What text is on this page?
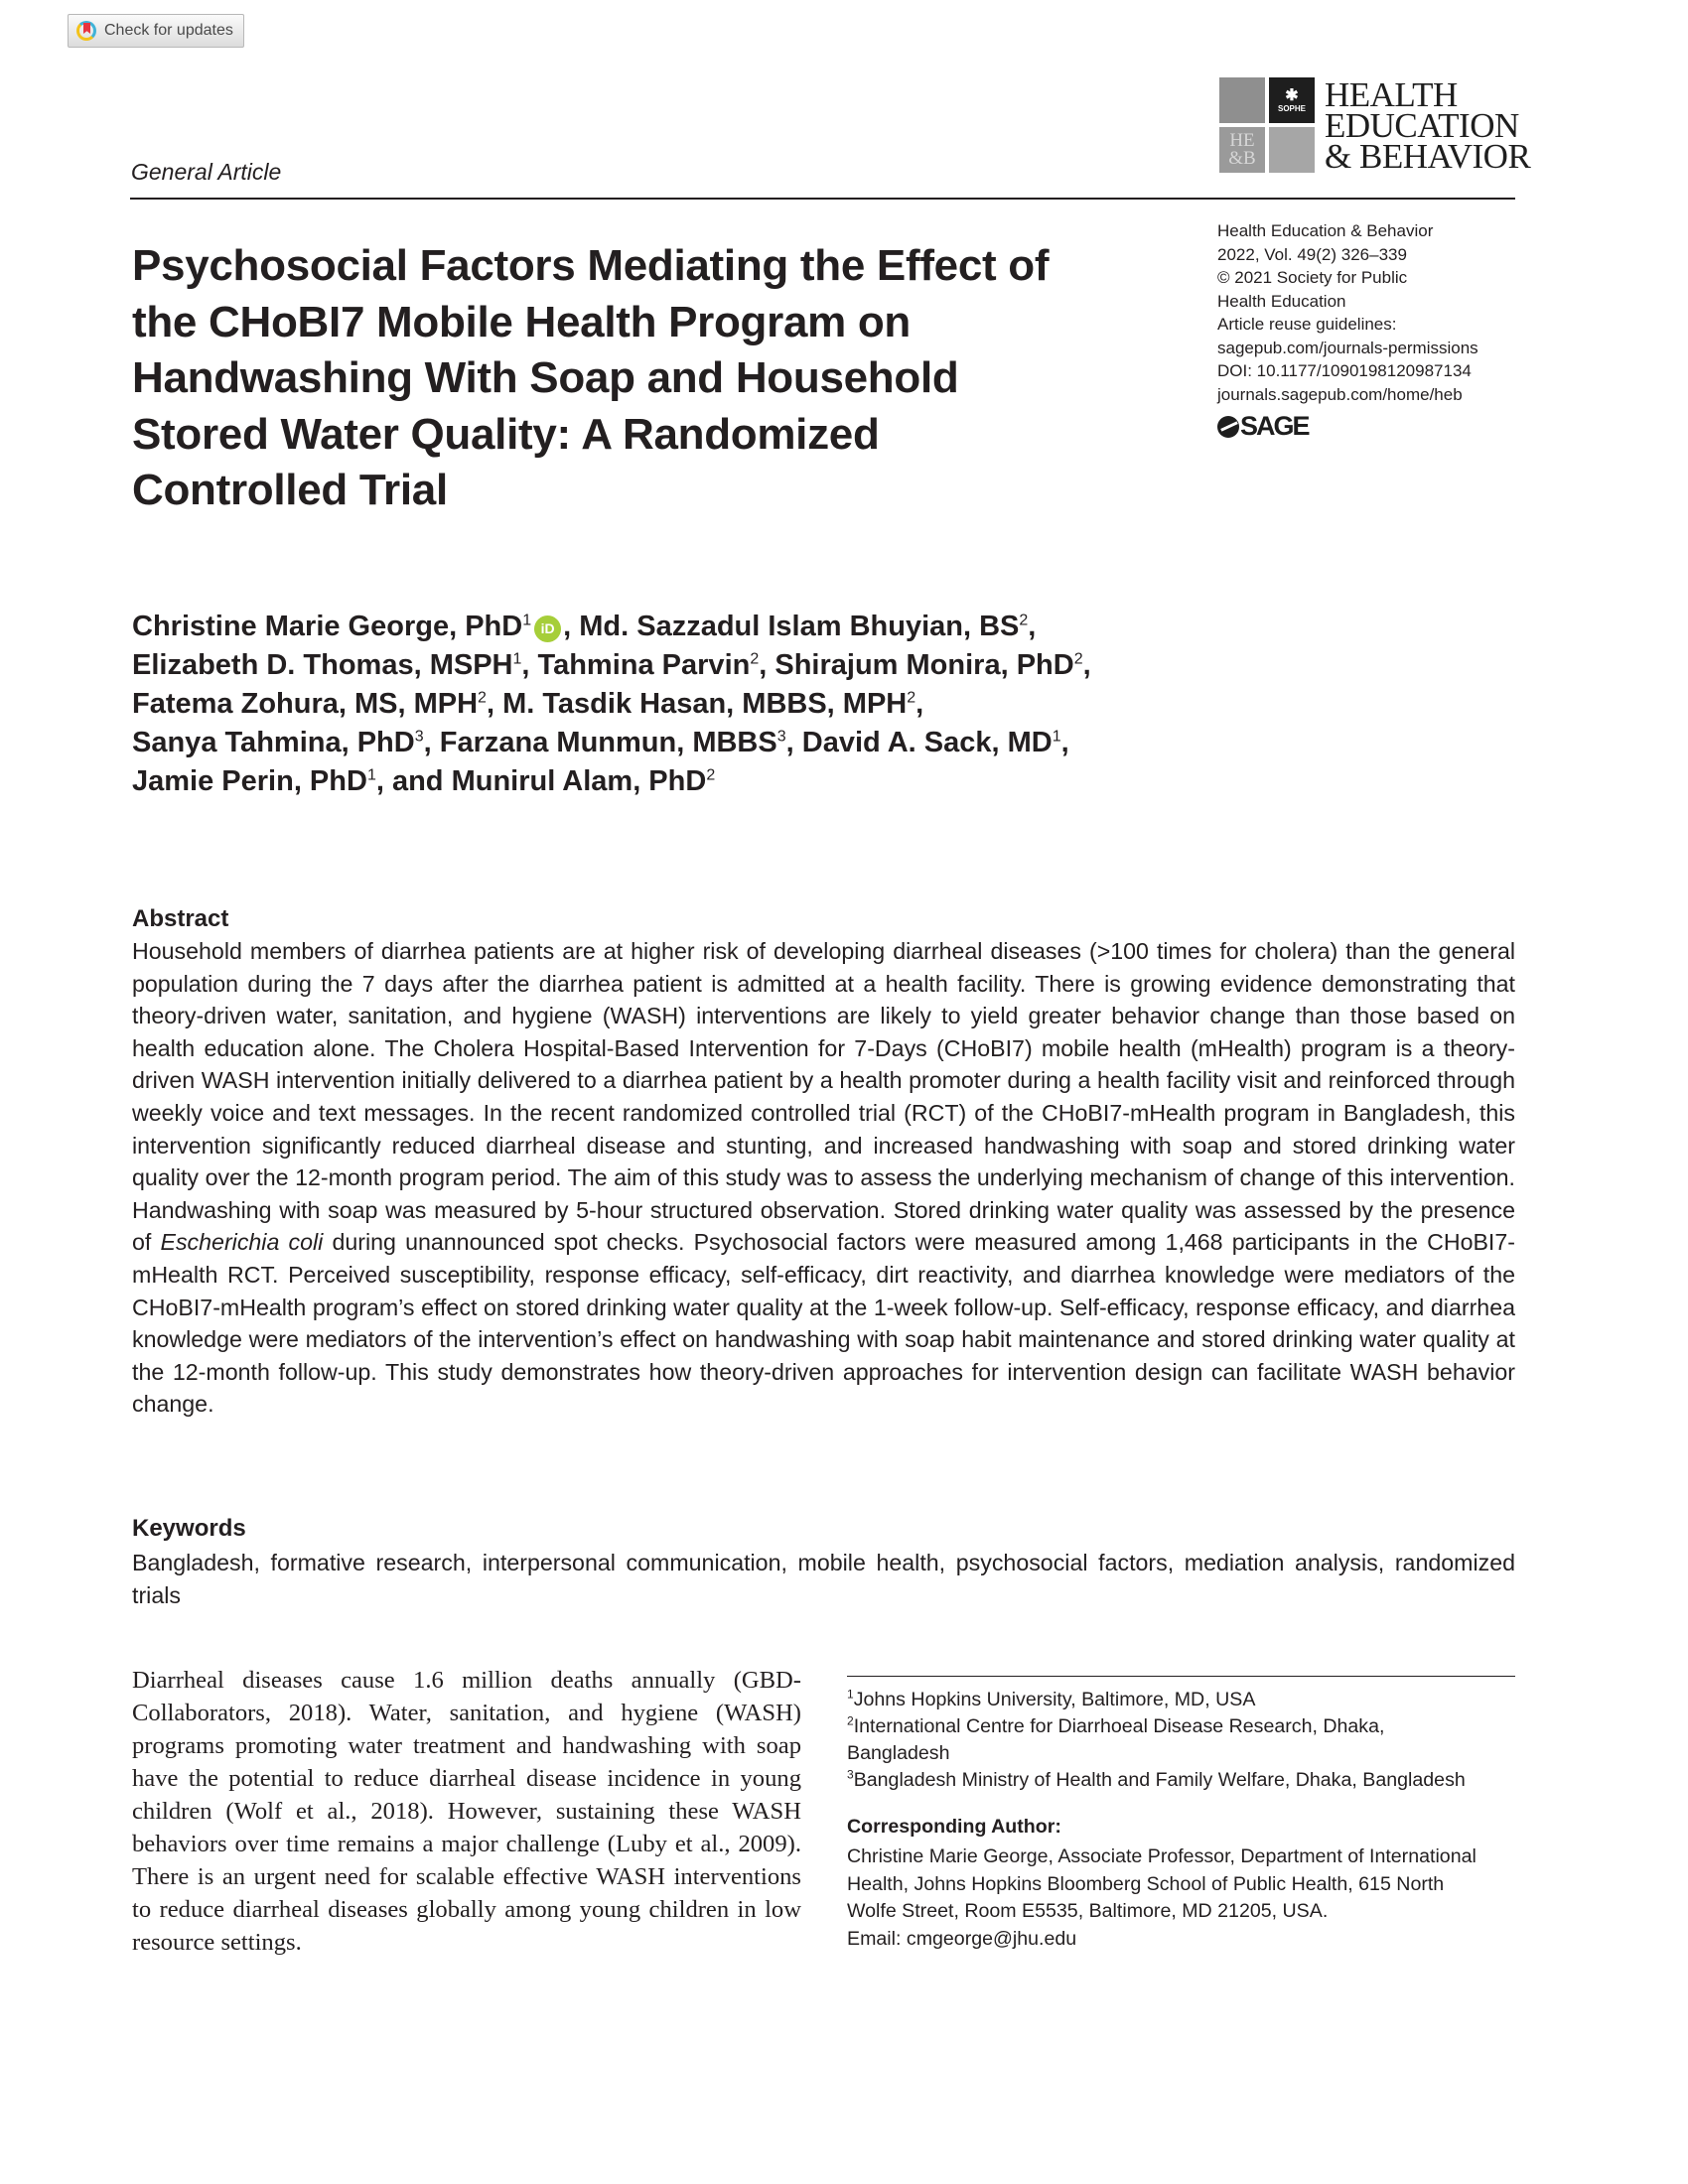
Check for updates
✱
SOPHE
HE
&B
HEALTH
EDUCATION
& BEHAVIOR
General Article
Psychosocial Factors Mediating the Effect of the CHoBI7 Mobile Health Program on Handwashing With Soap and Household Stored Water Quality: A Randomized Controlled Trial
Health Education & Behavior
2022, Vol. 49(2) 326–339
© 2021 Society for Public
Health Education
Article reuse guidelines:
sagepub.com/journals-permissions
DOI: 10.1177/1090198120987134
journals.sagepub.com/home/heb
SAGE
Christine Marie George, PhD$^1$ iD , Md. Sazzadul Islam Bhuyian, $BS^2$,
Elizabeth D. Thomas, MSPH$^1$, Tahmina Parvin$^2$, Shirajum Monira, PhD$^2$,
Fatema Zohura, MS, MPH$^2$, M. Tasdik Hasan, MBBS, MPH$^2$,
Sanya Tahmina, PhD$^3$, Farzana Munmun, MBBS$^3$, David A. Sack, $MD^1$,
Jamie Perin, PhD$^1$, and Munirul Alam, PhD$^2$
Abstract
Household members of diarrhea patients are at higher risk of developing diarrheal diseases (>100 times for cholera) than the general population during the 7 days after the diarrhea patient is admitted at a health facility. There is growing evidence demonstrating that theory-driven water, sanitation, and hygiene (WASH) interventions are likely to yield greater behavior change than those based on health education alone. The Cholera Hospital-Based Intervention for 7-Days (CHoBI7) mobile health (mHealth) program is a theory-driven WASH intervention initially delivered to a diarrhea patient by a health promoter during a health facility visit and reinforced through weekly voice and text messages. In the recent randomized controlled trial (RCT) of the CHoBI7-mHealth program in Bangladesh, this intervention significantly reduced diarrheal disease and stunting, and increased handwashing with soap and stored drinking water quality over the 12-month program period. The aim of this study was to assess the underlying mechanism of change of this intervention. Handwashing with soap was measured by 5-hour structured observation. Stored drinking water quality was assessed by the presence of Escherichia coli during unannounced spot checks. Psychosocial factors were measured among 1,468 participants in the CHoBI7-mHealth RCT. Perceived susceptibility, response efficacy, self-efficacy, dirt reactivity, and diarrhea knowledge were mediators of the CHoBI7-mHealth program’s effect on stored drinking water quality at the 1-week follow-up. Self-efficacy, response efficacy, and diarrhea knowledge were mediators of the intervention’s effect on handwashing with soap habit maintenance and stored drinking water quality at the 12-month follow-up. This study demonstrates how theory-driven approaches for intervention design can facilitate WASH behavior change.
Keywords
Bangladesh, formative research, interpersonal communication, mobile health, psychosocial factors, mediation analysis, randomized trials
Diarrheal diseases cause 1.6 million deaths annually (GBD-Collaborators, 2018). Water, sanitation, and hygiene (WASH) programs promoting water treatment and handwashing with soap have the potential to reduce diarrheal disease incidence in young children (Wolf et al., 2018). However, sustaining these WASH behaviors over time remains a major challenge (Luby et al., 2009). There is an urgent need for scalable effective WASH interventions to reduce diarrheal diseases globally among young children in low resource settings.
$^1$Johns Hopkins University, Baltimore, MD, USA
$^2$International Centre for Diarrhoeal Disease Research, Dhaka, Bangladesh
$^3$Bangladesh Ministry of Health and Family Welfare, Dhaka, Bangladesh
Corresponding Author:
Christine Marie George, Associate Professor, Department of International
Health, Johns Hopkins Bloomberg School of Public Health, 615 North
Wolfe Street, Room E5535, Baltimore, MD 21205, USA.
Email: cmgeorge@jhu.edu
